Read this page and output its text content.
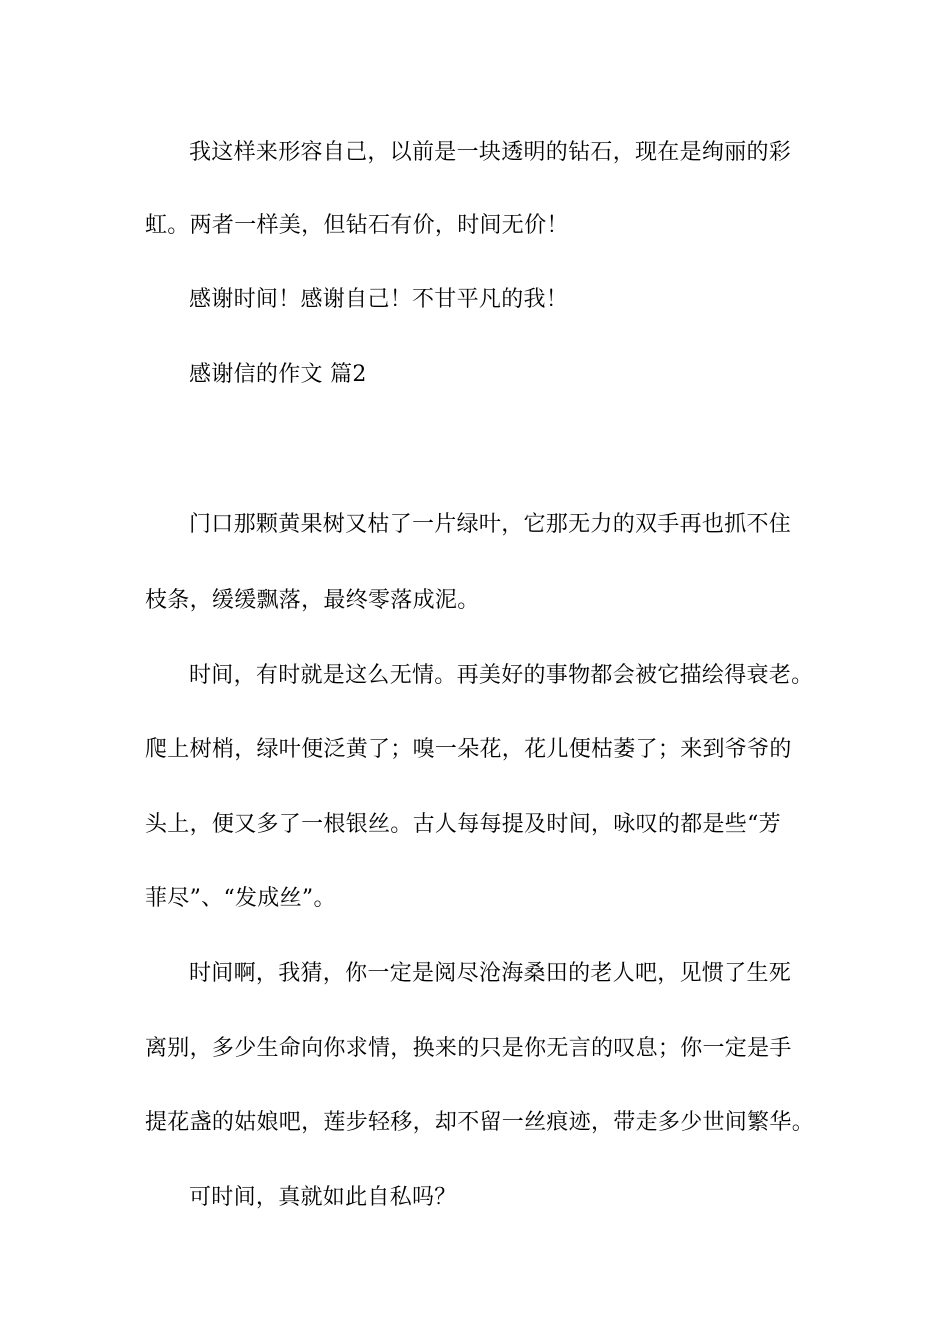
我这样来形容自己，以前是一块透明的钻石，现在是绚丽的彩
虹。两者一样美，但钻石有价，时间无价！
感谢时间！感谢自己！不甘平凡的我！
感谢信的作文 篇2
门口那颗黄果树又枯了一片绿叶，它那无力的双手再也抓不住
枝条，缓缓飘落，最终零落成泥。
时间，有时就是这么无情。再美好的事物都会被它描绘得衰老。
爬上树梢，绿叶便泛黄了；嗅一朵花，花儿便枯萎了；来到爷爷的
头上，便又多了一根银丝。古人每每提及时间，咏叹的都是些“芳
菲尽”、“发成丝”。
时间啊，我猜，你一定是阅尽沧海桑田的老人吧，见惯了生死
离别，多少生命向你求情，换来的只是你无言的叹息；你一定是手
提花盏的姑娘吧，莲步轻移，却不留一丝痕迹，带走多少世间繁华。
可时间，真就如此自私吗？
